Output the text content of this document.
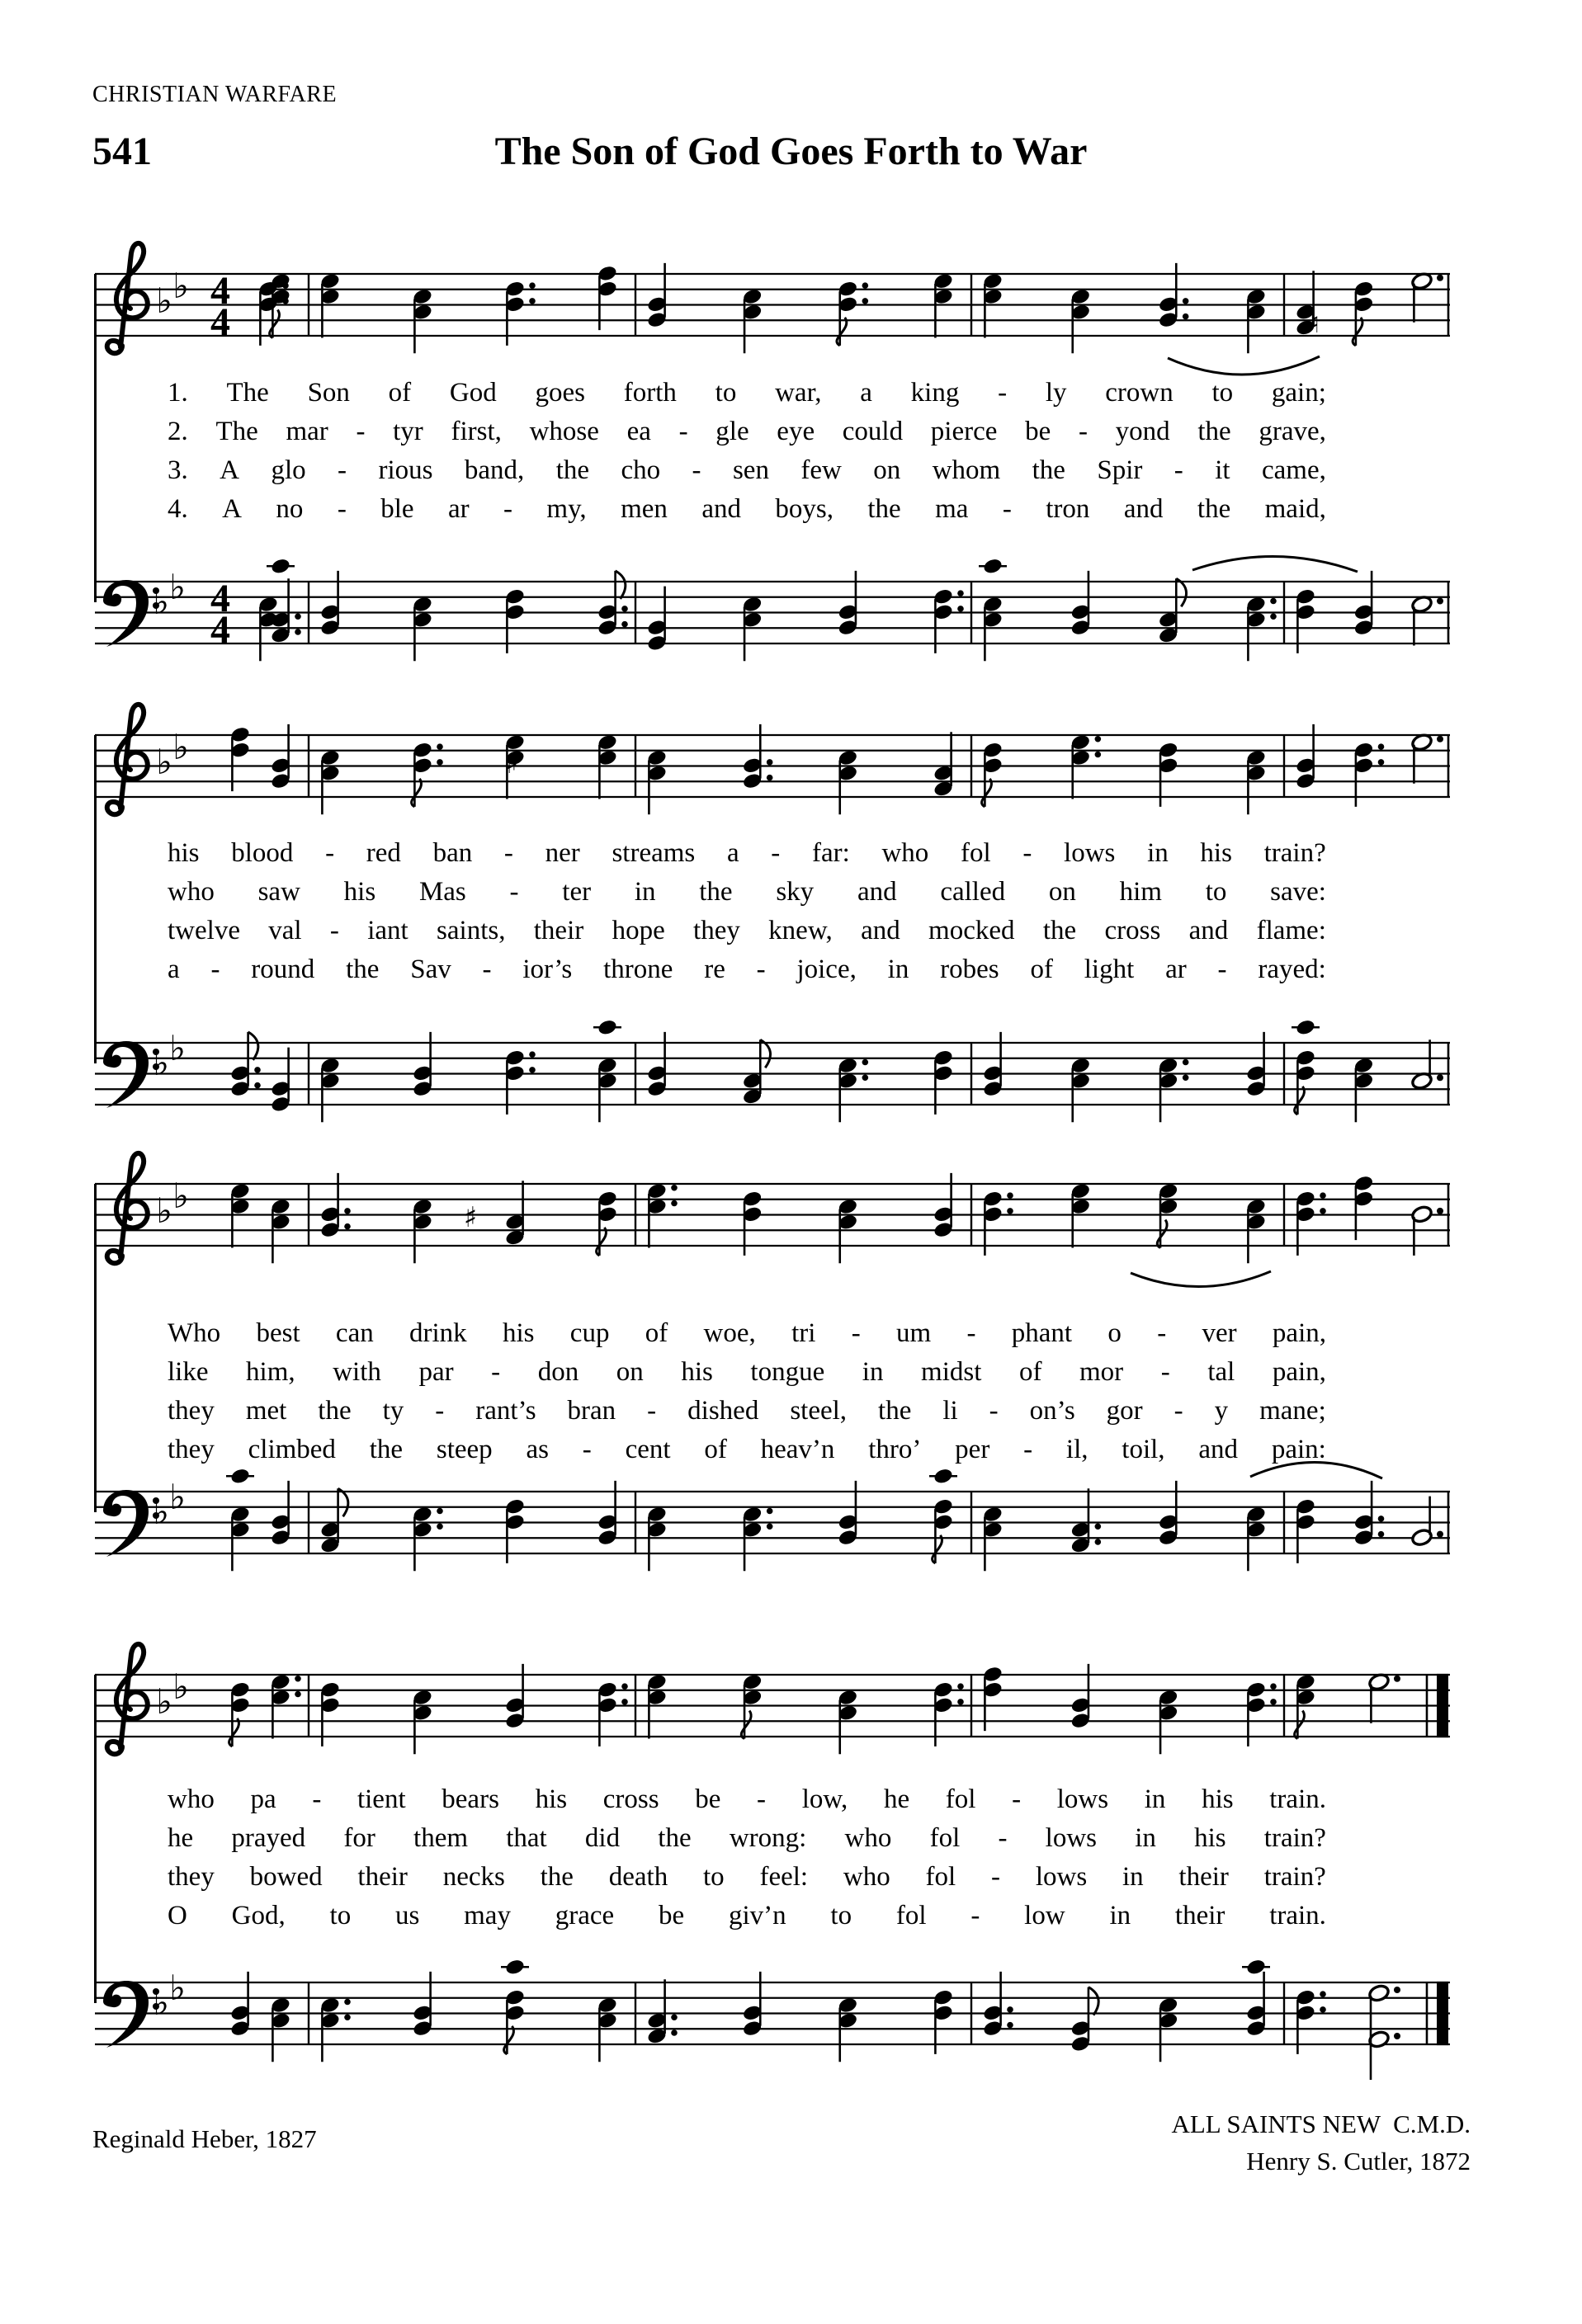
CHRISTIAN WARFARE
541	The Son of God Goes Forth to War
♭ ♭ 4
4	♮
1. The Son of God goes forth to war, a king - ly crown to gain;
2. The mar - tyr first, whose ea - gle eye could pierce be - yond the grave,
3. A glo - rious band, the cho - sen few on whom the Spir - it came,
4. A no - ble ar - my, men and boys, the ma - tron and the maid,
♭ ♭ 4
4
♭ ♭	♯
his blood - red ban - ner streams a - far: who fol - lows in his train?
who saw his Mas - ter in the sky and called on him to save:
twelve val - iant saints, their hope they knew, and mocked the cross and flame:
a - round the Sav - ior’s throne re - joice, in robes of light ar - rayed:
♭ ♭
♭ ♭
♯
Who best can drink his cup of woe, tri - um - phant o - ver pain,
like him, with par - don on his tongue in midst of mor - tal pain,
they met the ty - rant’s bran - dished steel, the li - on’s gor - y mane;
they climbed the steep as - cent of heav’n thro’ per - il, toil, and pain:
♭ ♭
♭ ♭
who pa - tient bears his cross be - low, he fol - lows in his train.
he prayed for them that did the wrong: who fol - lows in his train?
they bowed their necks the death to feel: who fol - lows in their train?
O God, to us may grace be giv’n to fol - low in their train.
♭ ♭
Reginald Heber, 1827
ALL SAINTS NEW  C.M.D.
Henry S. Cutler, 1872
